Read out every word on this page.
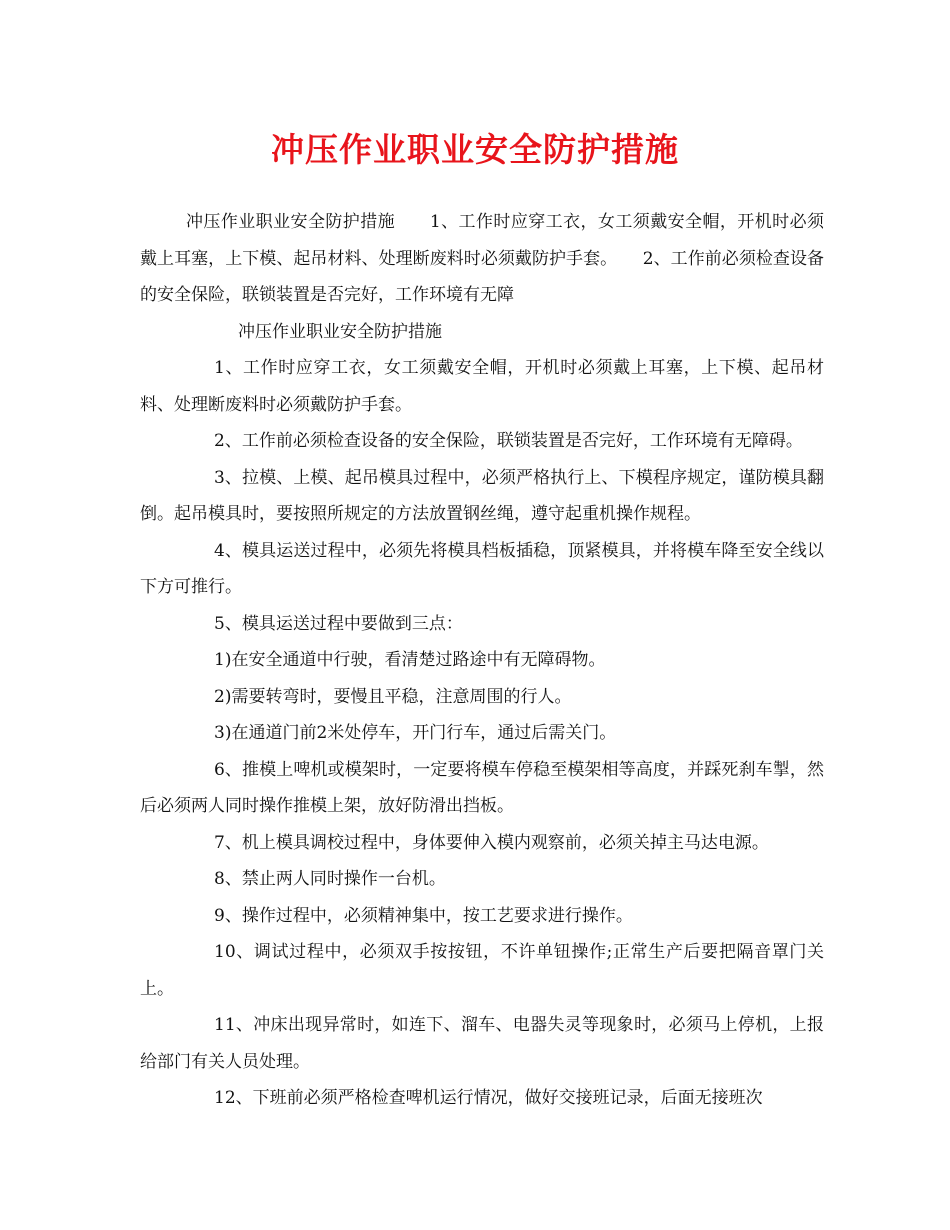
冲压作业职业安全防护措施

冲压作业职业安全防护措施　　1、工作时应穿工衣，女工须戴安全帽，开机时必须戴上耳塞，上下模、起吊材料、处理断废料时必须戴防护手套。　　2、工作前必须检查设备的安全保险，联锁装置是否完好，工作环境有无障

冲压作业职业安全防护措施

1、工作时应穿工衣，女工须戴安全帽，开机时必须戴上耳塞，上下模、起吊材料、处理断废料时必须戴防护手套。

2、工作前必须检查设备的安全保险，联锁装置是否完好，工作环境有无障碍。

3、拉模、上模、起吊模具过程中，必须严格执行上、下模程序规定，谨防模具翻倒。起吊模具时，要按照所规定的方法放置钢丝绳，遵守起重机操作规程。

4、模具运送过程中，必须先将模具档板插稳，顶紧模具，并将模车降至安全线以下方可推行。

5、模具运送过程中要做到三点：

1)在安全通道中行驶，看清楚过路途中有无障碍物。

2)需要转弯时，要慢且平稳，注意周围的行人。

3)在通道门前2米处停车，开门行车，通过后需关门。

6、推模上啤机或模架时，一定要将模车停稳至模架相等高度，并踩死刹车掣，然后必须两人同时操作推模上架，放好防滑出挡板。

7、机上模具调校过程中，身体要伸入模内观察前，必须关掉主马达电源。

8、禁止两人同时操作一台机。

9、操作过程中，必须精神集中，按工艺要求进行操作。

10、调试过程中，必须双手按按钮，不许单钮操作;正常生产后要把隔音罩门关上。

11、冲床出现异常时，如连下、溜车、电器失灵等现象时，必须马上停机，上报给部门有关人员处理。

12、下班前必须严格检查啤机运行情况，做好交接班记录，后面无接班次
